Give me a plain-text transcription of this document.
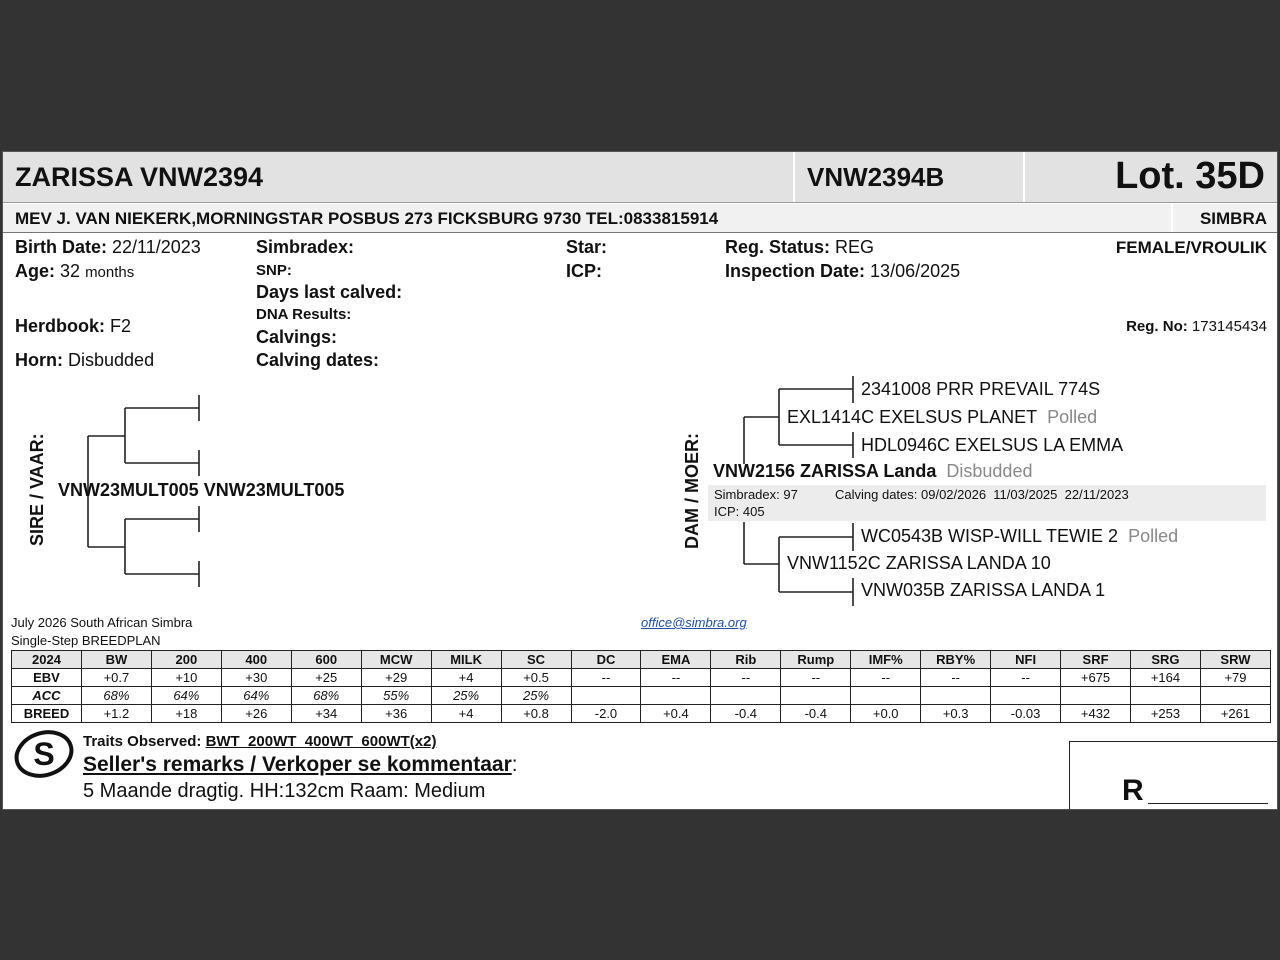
ZARISSA VNW2394	VNW2394B	Lot. 35D
MEV J. VAN NIEKERK,MORNINGSTAR POSBUS 273 FICKSBURG 9730 TEL:0833815914	SIMBRA
Birth Date: 22/11/2023
Age: 32 months
Herdbook: F2
Horn: Disbudded
Simbradex:
SNP:
Days last calved:
DNA Results:
Calvings:
Calving dates:
Star:
ICP:
Reg. Status: REG
Inspection Date: 13/06/2025
FEMALE/VROULIK
Reg. No: 173145434
SIRE / VAAR: VNW23MULT005 VNW23MULT005	DAM / MOER:
2341008 PRR PREVAIL 774S
EXL1414C EXELSUS PLANET Polled
HDL0946C EXELSUS LA EMMA
VNW2156 ZARISSA Landa Disbudded
Simbradex: 97	Calving dates: 09/02/2026  11/03/2025  22/11/2023
ICP: 405
WC0543B WISP-WILL TEWIE 2 Polled
VNW1152C ZARISSA LANDA 10
VNW035B ZARISSA LANDA 1
July 2026 South African Simbra
Single-Step BREEDPLAN
office@simbra.org
2024	BW	200	400	600	MCW	MILK	SC	DC	EMA	Rib	Rump	IMF%	RBY%	NFI	SRF	SRG	SRW
EBV	+0.7	+10	+30	+25	+29	+4	+0.5	--	--	--	--	--	--	--	+675	+164	+79
ACC	68%	64%	64%	68%	55%	25%	25%										
BREED	+1.2	+18	+26	+34	+36	+4	+0.8	-2.0	+0.4	-0.4	-0.4	+0.0	+0.3	-0.03	+432	+253	+261
S Traits Observed: BWT  200WT  400WT  600WT(x2)
Seller's remarks / Verkoper se kommentaar:
5 Maande dragtig. HH:132cm Raam: Medium	R
